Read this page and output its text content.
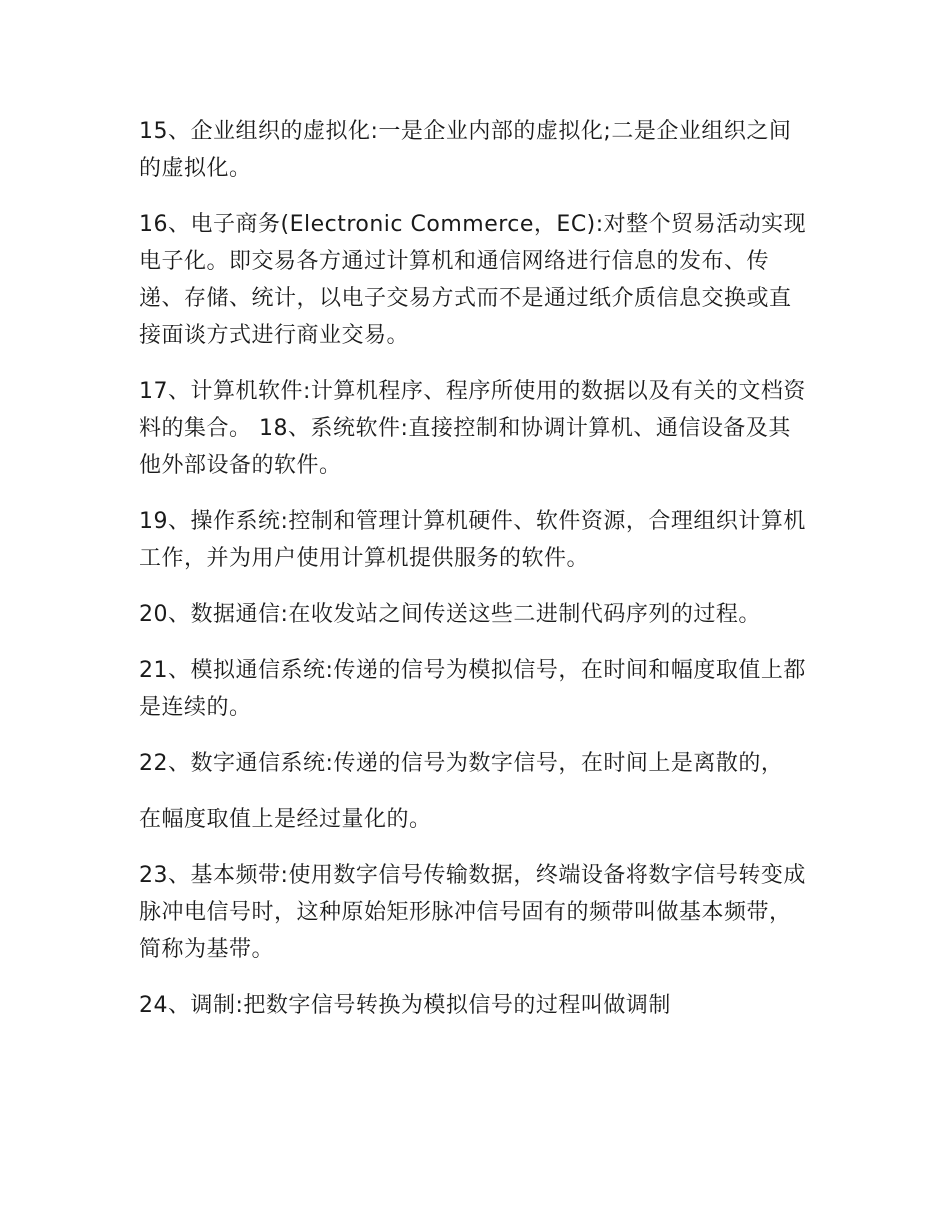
15、企业组织的虚拟化:一是企业内部的虚拟化;二是企业组织之间的虚拟化。

16、电子商务(Electronic Commerce，EC):对整个贸易活动实现电子化。即交易各方通过计算机和通信网络进行信息的发布、传递、存储、统计，以电子交易方式而不是通过纸介质信息交换或直接面谈方式进行商业交易。

17、计算机软件:计算机程序、程序所使用的数据以及有关的文档资料的集合。 18、系统软件:直接控制和协调计算机、通信设备及其他外部设备的软件。

19、操作系统:控制和管理计算机硬件、软件资源，合理组织计算机工作，并为用户使用计算机提供服务的软件。

20、数据通信:在收发站之间传送这些二进制代码序列的过程。

21、模拟通信系统:传递的信号为模拟信号，在时间和幅度取值上都是连续的。

22、数字通信系统:传递的信号为数字信号，在时间上是离散的，

在幅度取值上是经过量化的。

23、基本频带:使用数字信号传输数据，终端设备将数字信号转变成脉冲电信号时，这种原始矩形脉冲信号固有的频带叫做基本频带，简称为基带。

24、调制:把数字信号转换为模拟信号的过程叫做调制
